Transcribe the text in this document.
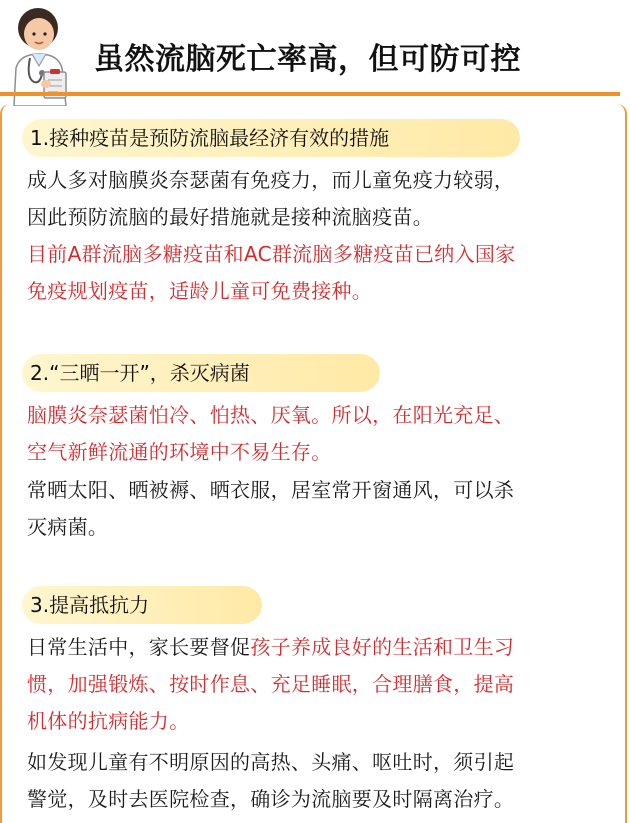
虽然流脑死亡率高，但可防可控
1.接种疫苗是预防流脑最经济有效的措施
成人多对脑膜炎奈瑟菌有免疫力，而儿童免疫力较弱，
因此预防流脑的最好措施就是接种流脑疫苗。
目前A群流脑多糖疫苗和AC群流脑多糖疫苗已纳入国家
免疫规划疫苗，适龄儿童可免费接种。
2.“三晒一开”，杀灭病菌
脑膜炎奈瑟菌怕冷、怕热、厌氧。所以，在阳光充足、
空气新鲜流通的环境中不易生存。
常晒太阳、晒被褥、晒衣服，居室常开窗通风，可以杀
灭病菌。
3.提高抵抗力
日常生活中，家长要督促孩子养成良好的生活和卫生习
惯，加强锻炼、按时作息、充足睡眠，合理膳食，提高
机体的抗病能力。
如发现儿童有不明原因的高热、头痛、呕吐时，须引起
警觉，及时去医院检查，确诊为流脑要及时隔离治疗。
